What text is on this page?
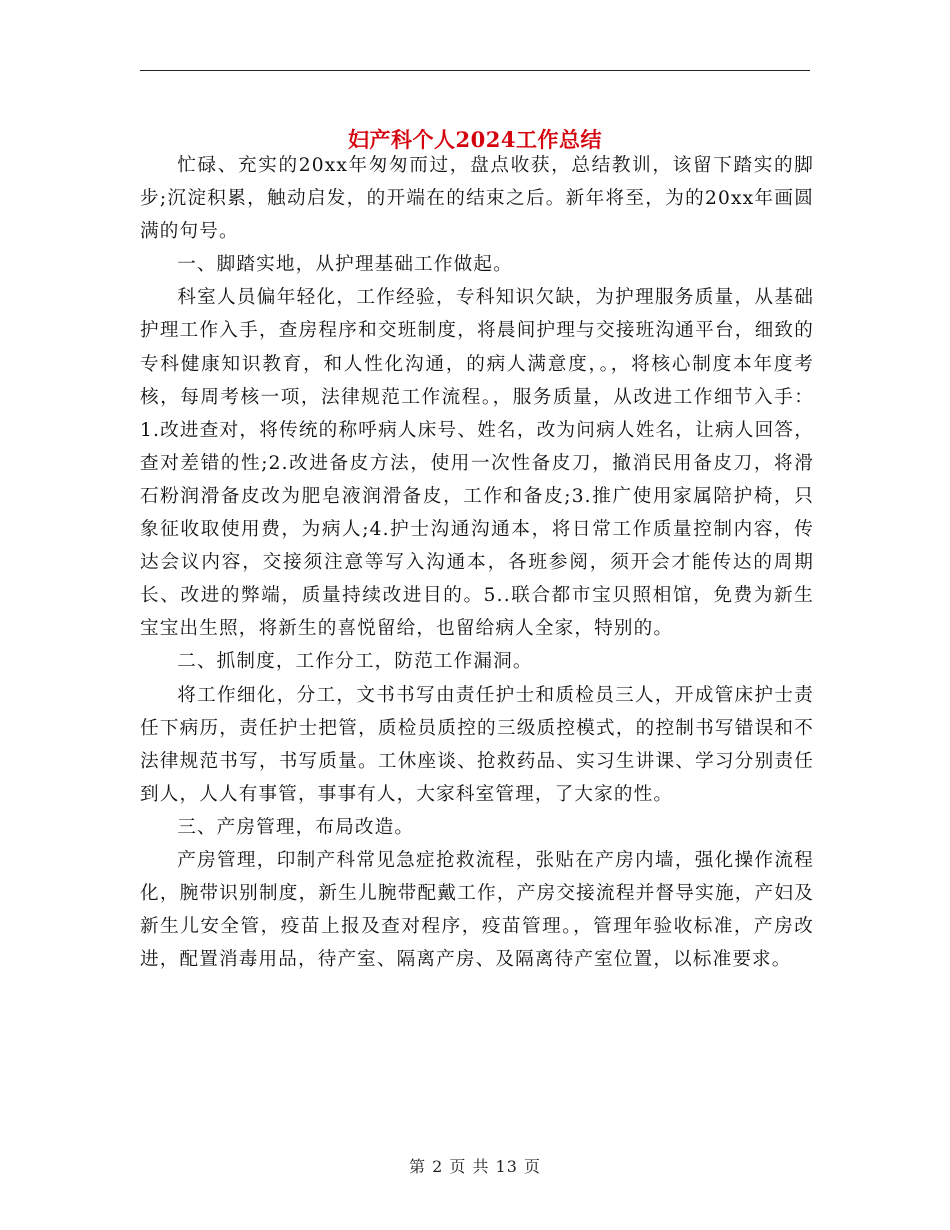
妇产科个人2024工作总结

忙碌、充实的20xx年匆匆而过，盘点收获，总结教训，该留下踏实的脚步;沉淀积累，触动启发，的开端在的结束之后。新年将至，为的20xx年画圆满的句号。

一、脚踏实地，从护理基础工作做起。

科室人员偏年轻化，工作经验，专科知识欠缺，为护理服务质量，从基础护理工作入手，查房程序和交班制度，将晨间护理与交接班沟通平台，细致的专科健康知识教育，和人性化沟通，的病人满意度，。，将核心制度本年度考核，每周考核一项，法律规范工作流程。，服务质量，从改进工作细节入手：1.改进查对，将传统的称呼病人床号、姓名，改为问病人姓名，让病人回答，查对差错的性;2.改进备皮方法，使用一次性备皮刀，撤消民用备皮刀，将滑石粉润滑备皮改为肥皂液润滑备皮，工作和备皮;3.推广使用家属陪护椅，只象征收取使用费，为病人;4.护士沟通沟通本，将日常工作质量控制内容，传达会议内容，交接须注意等写入沟通本，各班参阅，须开会才能传达的周期长、改进的弊端，质量持续改进目的。5..联合都市宝贝照相馆，免费为新生宝宝出生照，将新生的喜悦留给，也留给病人全家，特别的。

二、抓制度，工作分工，防范工作漏洞。

将工作细化，分工，文书书写由责任护士和质检员三人，开成管床护士责任下病历，责任护士把管，质检员质控的三级质控模式，的控制书写错误和不法律规范书写，书写质量。工休座谈、抢救药品、实习生讲课、学习分别责任到人，人人有事管，事事有人，大家科室管理，了大家的性。

三、产房管理，布局改造。

产房管理，印制产科常见急症抢救流程，张贴在产房内墙，强化操作流程化，腕带识别制度，新生儿腕带配戴工作，产房交接流程并督导实施，产妇及新生儿安全管，疫苗上报及查对程序，疫苗管理。，管理年验收标准，产房改进，配置消毒用品，待产室、隔离产房、及隔离待产室位置，以标准要求。

第 2 页 共 13 页
